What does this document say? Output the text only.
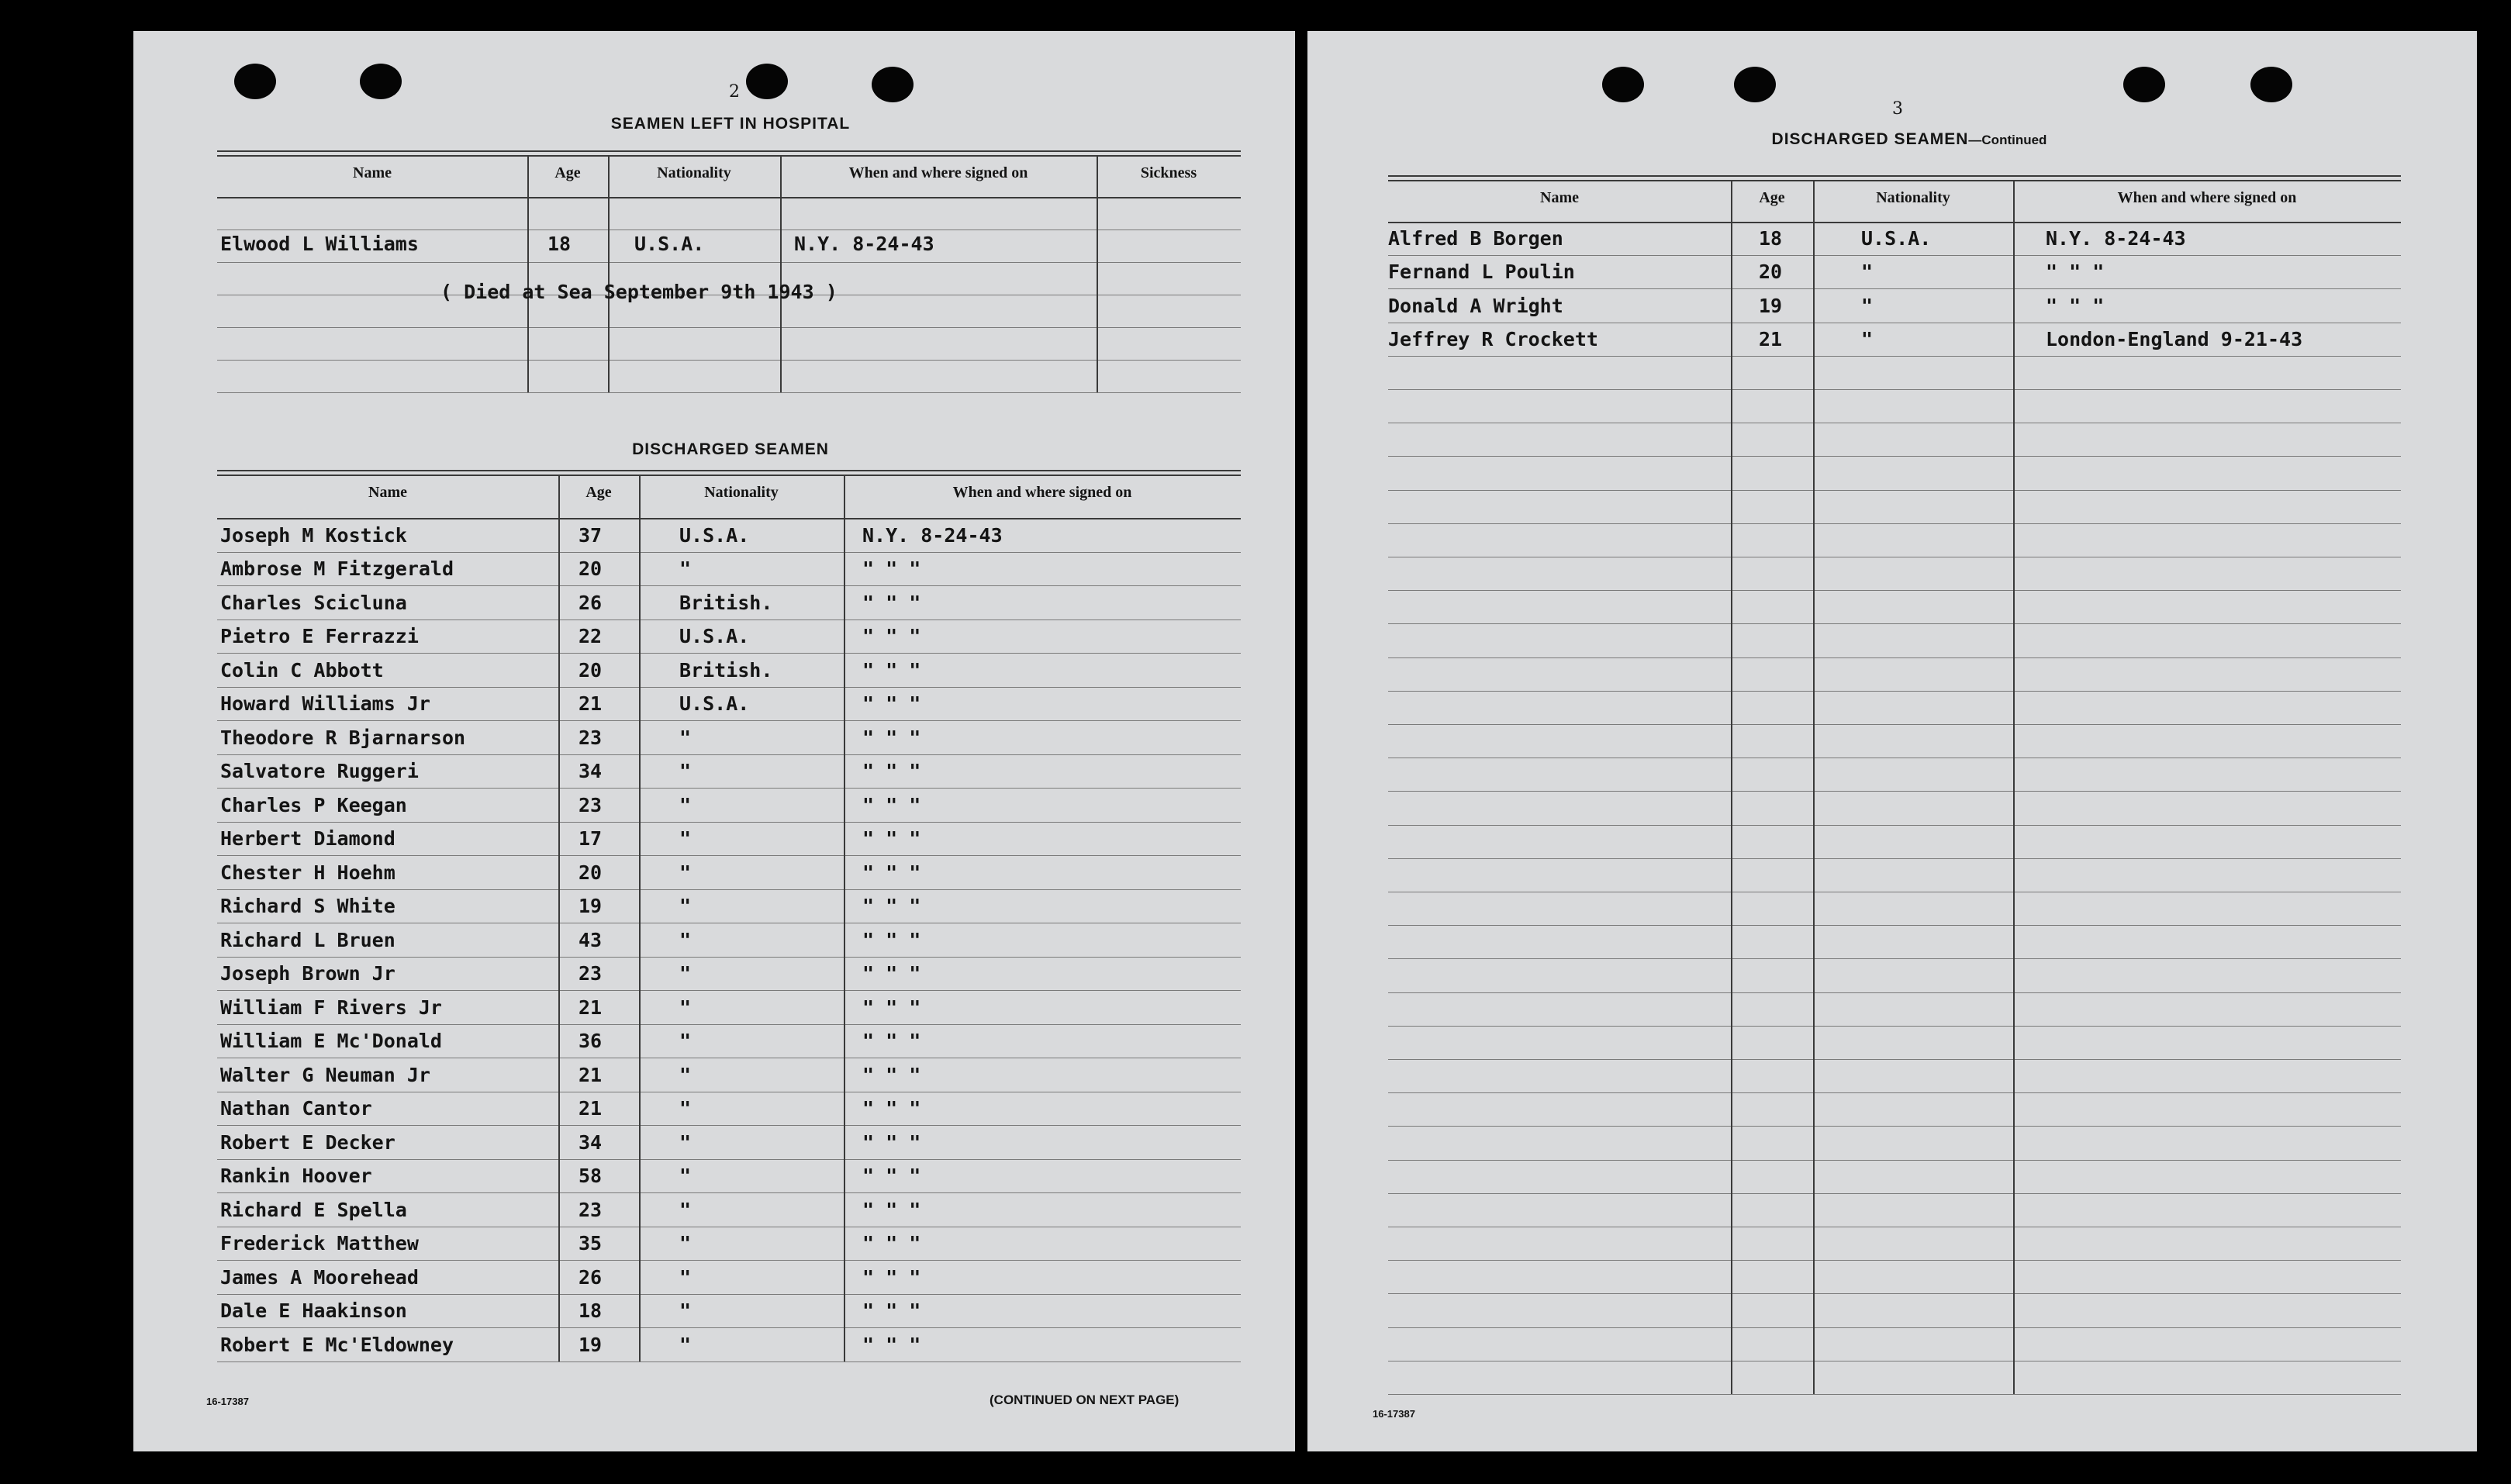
2
SEAMEN LEFT IN HOSPITAL
Name	Age	Nationality	When and where signed on	Sickness
Elwood L Williams	18	U.S.A.	N.Y. 8-24-43
( Died at Sea September 9th 1943 )
DISCHARGED SEAMEN
Name	Age	Nationality	When and where signed on
Joseph M Kostick	37	U.S.A.	N.Y. 8-24-43
Ambrose M Fitzgerald	20	"	" " "
Charles Scicluna	26	British.	" " "
Pietro E Ferrazzi	22	U.S.A.	" " "
Colin C Abbott	20	British.	" " "
Howard Williams Jr	21	U.S.A.	" " "
Theodore R Bjarnarson	23	"	" " "
Salvatore Ruggeri	34	"	" " "
Charles P Keegan	23	"	" " "
Herbert Diamond	17	"	" " "
Chester H Hoehm	20	"	" " "
Richard S White	19	"	" " "
Richard L Bruen	43	"	" " "
Joseph Brown Jr	23	"	" " "
William F Rivers Jr	21	"	" " "
William E Mc'Donald	36	"	" " "
Walter G Neuman Jr	21	"	" " "
Nathan Cantor	21	"	" " "
Robert E Decker	34	"	" " "
Rankin Hoover	58	"	" " "
Richard E Spella	23	"	" " "
Frederick Matthew	35	"	" " "
James A Moorehead	26	"	" " "
Dale E Haakinson	18	"	" " "
Robert E Mc'Eldowney	19	"	" " "
16-17387	(CONTINUED ON NEXT PAGE)
3
DISCHARGED SEAMEN—Continued
Name	Age	Nationality	When and where signed on
Alfred B Borgen	18	U.S.A.	N.Y. 8-24-43
Fernand L Poulin	20	"	" " "
Donald A Wright	19	"	" " "
Jeffrey R Crockett	21	"	London-England 9-21-43
16-17387
